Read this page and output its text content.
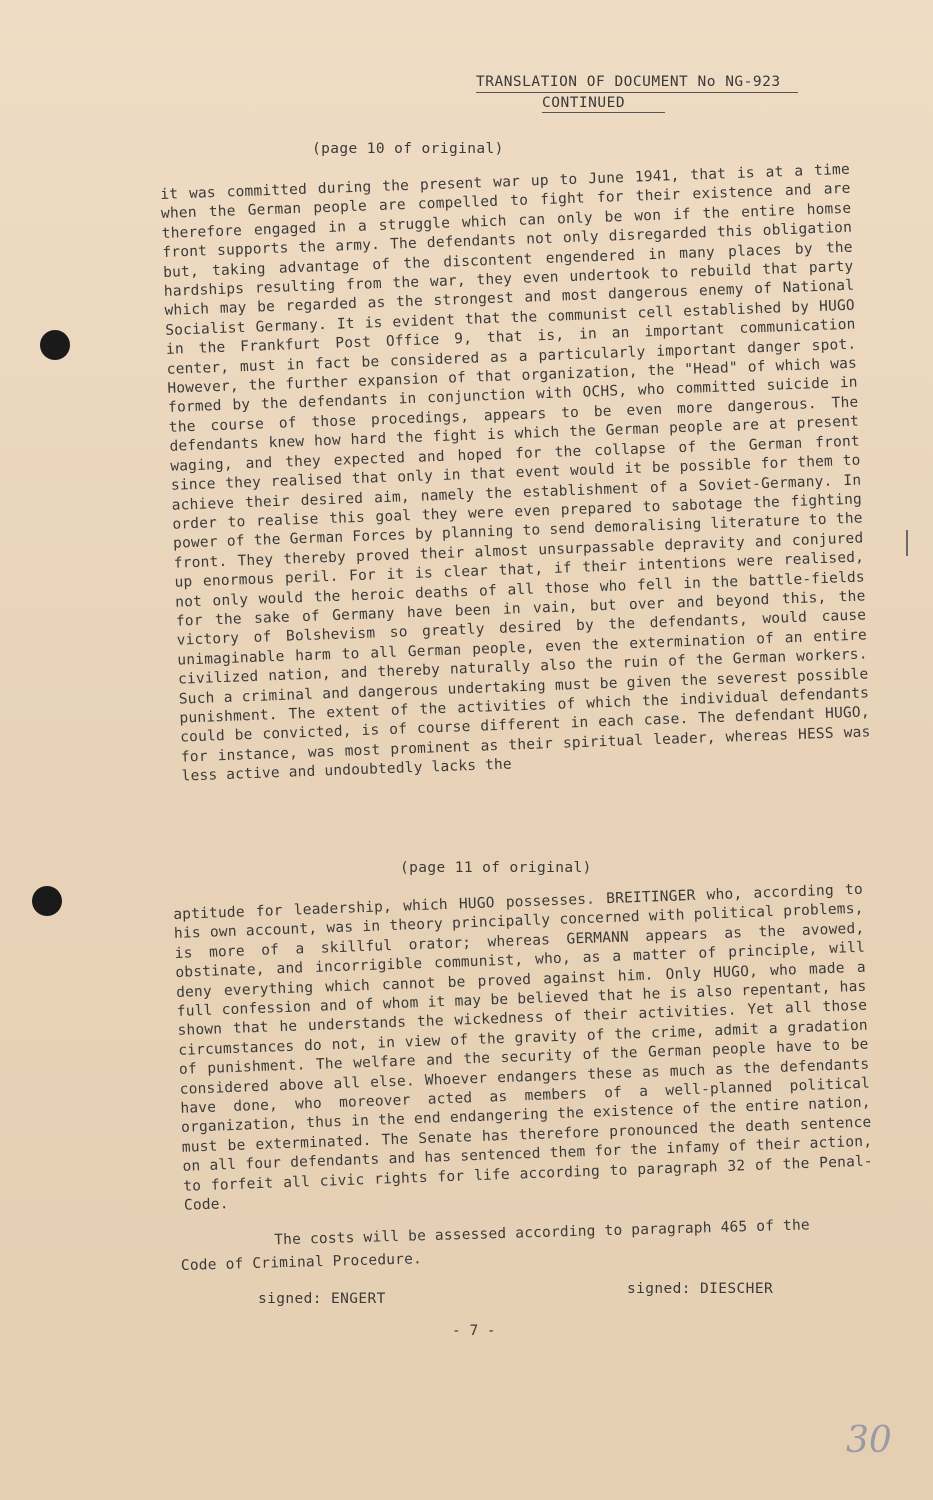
TRANSLATION OF DOCUMENT No NG-923
CONTINUED
(page 10 of original)
it was committed during the present war up to June 1941, that is at a time when the German people are compelled to fight for their existence and are therefore engaged in a struggle which can only be won if the entire homse front supports the army. The defendants not only disregarded this obligation but, taking advantage of the discontent engendered in many places by the hardships resulting from the war, they even undertook to rebuild that party which may be regarded as the strongest and most dangerous enemy of National Socialist Germany. It is evident that the communist cell established by HUGO in the Frankfurt Post Office 9, that is, in an important communication center, must in fact be considered as a particularly important danger spot. However, the further expansion of that organization, the "Head" of which was formed by the defendants in conjunction with OCHS, who committed suicide in the course of those procedings, appears to be even more dangerous. The defendants knew how hard the fight is which the German people are at present waging, and they expected and hoped for the collapse of the German front since they realised that only in that event would it be possible for them to achieve their desired aim, namely the establishment of a Soviet-Germany. In order to realise this goal they were even prepared to sabotage the fighting power of the German Forces by planning to send demoralising literature to the front. They thereby proved their almost unsurpassable depravity and conjured up enormous peril. For it is clear that, if their intentions were realised, not only would the heroic deaths of all those who fell in the battle-fields for the sake of Germany have been in vain, but over and beyond this, the victory of Bolshevism so greatly desired by the defendants, would cause unimaginable harm to all German people, even the extermination of an entire civilized nation, and thereby naturally also the ruin of the German workers. Such a criminal and dangerous undertaking must be given the severest possible punishment. The extent of the activities of which the individual defendants could be convicted, is of course different in each case. The defendant HUGO, for instance, was most prominent as their spiritual leader, whereas HESS was less active and undoubtedly lacks the
(page 11 of original)
aptitude for leadership, which HUGO possesses. BREITINGER who, according to his own account, was in theory principally concerned with political problems, is more of a skillful orator; whereas GERMANN appears as the avowed, obstinate, and incorrigible communist, who, as a matter of principle, will deny everything which cannot be proved against him. Only HUGO, who made a full confession and of whom it may be believed that he is also repentant, has shown that he understands the wickedness of their activities. Yet all those circumstances do not, in view of the gravity of the crime, admit a gradation of punishment. The welfare and the security of the German people have to be considered above all else. Whoever endangers these as much as the defendants have done, who moreover acted as members of a well-planned political organization, thus in the end endangering the existence of the entire nation, must be exterminated. The Senate has therefore pronounced the death sentence on all four defendants and has sentenced them for the infamy of their action, to forfeit all civic rights for life according to paragraph 32 of the Penal-Code.
The costs will be assessed according to paragraph 465 of the
Code of Criminal Procedure.
signed: ENGERT
signed: DIESCHER
- 7 -
30
